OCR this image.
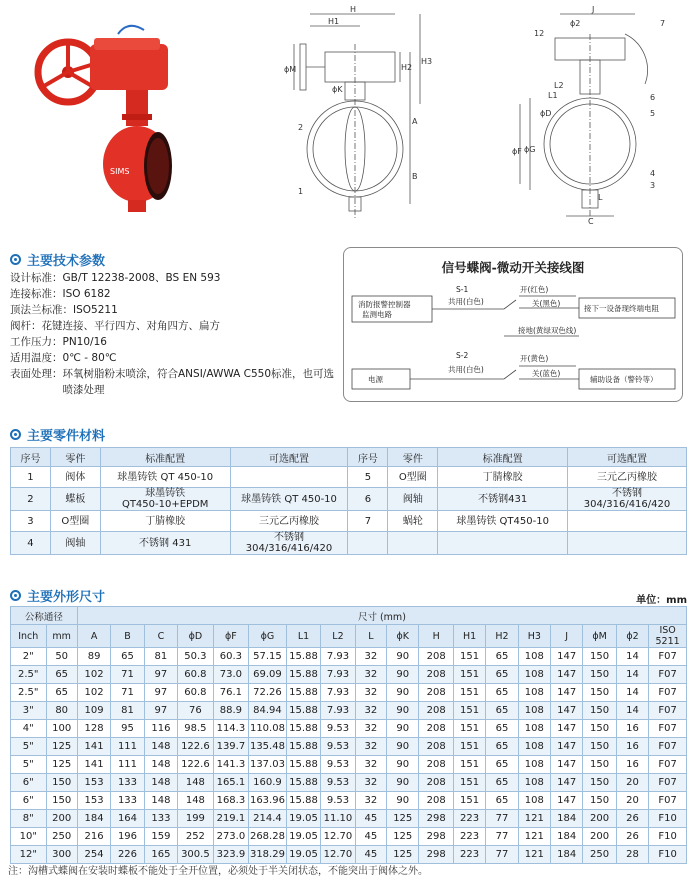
SIMS
H
H1
ϕM	H2
H3
ϕK
A
B
2
1
J
ϕ2
12
7
6
5
L2
L1
ϕD
ϕF ϕG
4
3
L
C
主要技术参数
设计标准： GB/T 12238-2008、BS EN 593
连接标准： ISO 6182
顶法兰标准： ISO5211
阀杆： 花键连接、平行四方、对角四方、扁方
工作压力： PN10/16
适用温度： 0℃ - 80℃
表面处理： 环氧树脂粉末喷涂，符合ANSI/AWWA C550标准，也可选喷漆处理
信号蝶阀-微动开关接线图
消防报警控制器
监测电路
接下一设备现终端电阻
电源	辅助设备（警铃等）
S-1
共用(白色)
开(红色)
关(黑色)
接地(黄绿双色线)
S-2
共用(白色)
开(黄色)
关(蓝色)
主要零件材料
序号	零件	标准配置	可选配置	序号	零件	标准配置	可选配置
1	阀体	球墨铸铁 QT 450-10		5	O型圈	丁腈橡胶	三元乙丙橡胶
2	蝶板	球墨铸铁
QT450-10+EPDM	球墨铸铁 QT 450-10	6	阀轴	不锈钢431	不锈钢
304/316/416/420
3	O型圈	丁腈橡胶	三元乙丙橡胶	7	蜗轮	球墨铸铁 QT450-10	
4	阀轴	不锈钢 431	不锈钢
304/316/416/420				
主要外形尺寸	单位：mm
公称通径		尺寸 (mm)																	
Inch	mm	A	B	C	ϕD	ϕF	ϕG	L1	L2	L	ϕK	H	H1	H2	H3	J	ϕM	ϕ2	ISO 5211
2"	50	89	65	81	50.3	60.3	57.15	15.88	7.93	32	90	208	151	65	108	147	150	14	F07
2.5"	65	102	71	97	60.8	73.0	69.09	15.88	7.93	32	90	208	151	65	108	147	150	14	F07
2.5"	65	102	71	97	60.8	76.1	72.26	15.88	7.93	32	90	208	151	65	108	147	150	14	F07
3"	80	109	81	97	76	88.9	84.94	15.88	7.93	32	90	208	151	65	108	147	150	14	F07
4"	100	128	95	116	98.5	114.3	110.08	15.88	9.53	32	90	208	151	65	108	147	150	16	F07
5"	125	141	111	148	122.6	139.7	135.48	15.88	9.53	32	90	208	151	65	108	147	150	16	F07
5"	125	141	111	148	122.6	141.3	137.03	15.88	9.53	32	90	208	151	65	108	147	150	16	F07
6"	150	153	133	148	148	165.1	160.9	15.88	9.53	32	90	208	151	65	108	147	150	20	F07
6"	150	153	133	148	148	168.3	163.96	15.88	9.53	32	90	208	151	65	108	147	150	20	F07
8"	200	184	164	133	199	219.1	214.4	19.05	11.10	45	125	298	223	77	121	184	200	26	F10
10"	250	216	196	159	252	273.0	268.28	19.05	12.70	45	125	298	223	77	121	184	200	26	F10
12"	300	254	226	165	300.5	323.9	318.29	19.05	12.70	45	125	298	223	77	121	184	250	28	F10
注：沟槽式蝶阀在安装时蝶板不能处于全开位置，必须处于半关闭状态，不能突出于阀体之外。
